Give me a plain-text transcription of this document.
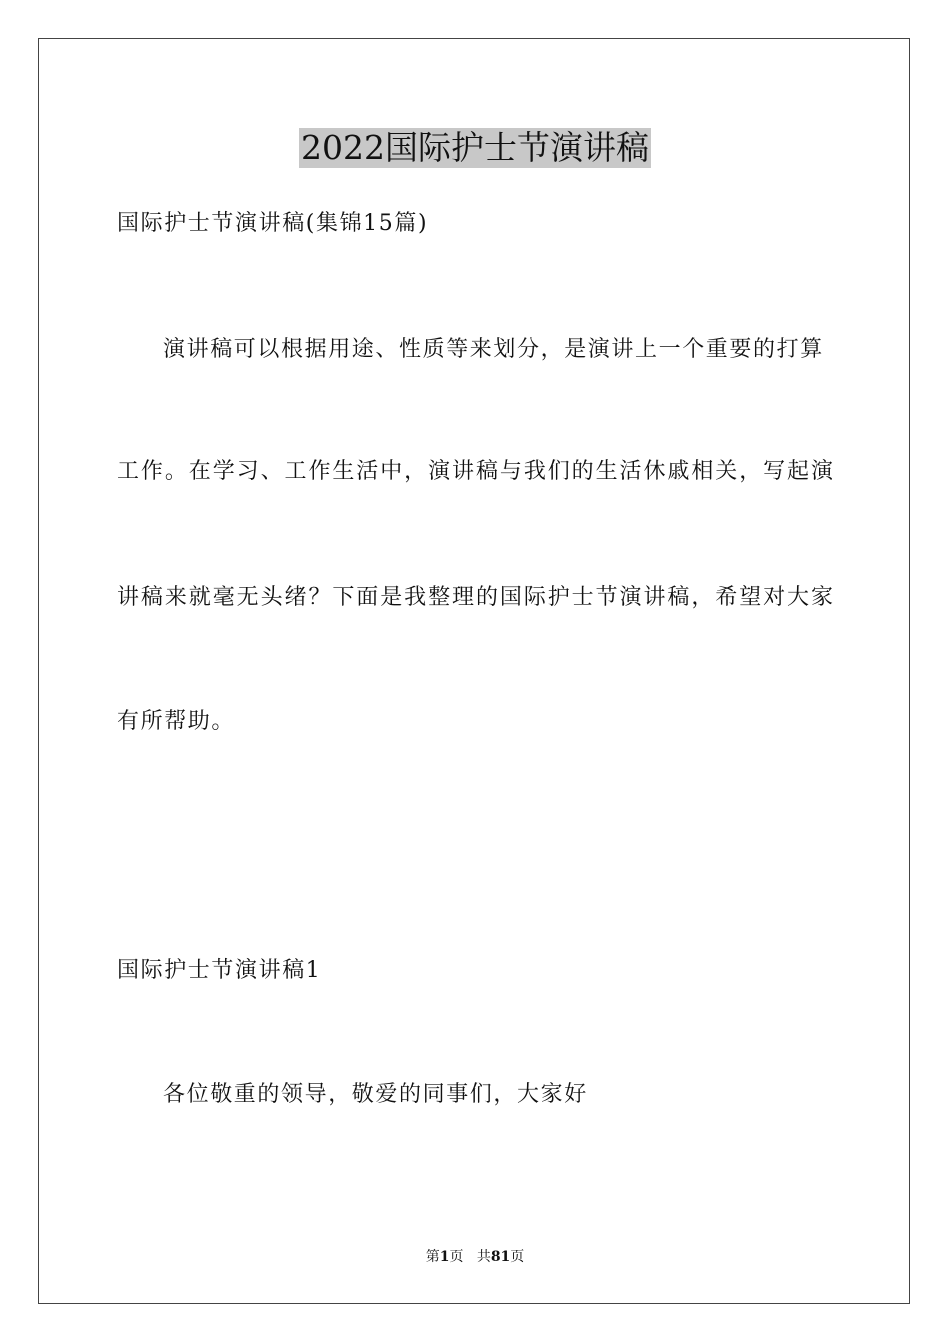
2022国际护士节演讲稿
国际护士节演讲稿(集锦15篇)
演讲稿可以根据用途、性质等来划分，是演讲上一个重要的打算
工作。在学习、工作生活中，演讲稿与我们的生活休戚相关，写起演
讲稿来就毫无头绪？下面是我整理的国际护士节演讲稿，希望对大家
有所帮助。
国际护士节演讲稿1
各位敬重的领导，敬爱的同事们，大家好
第1页 共81页
